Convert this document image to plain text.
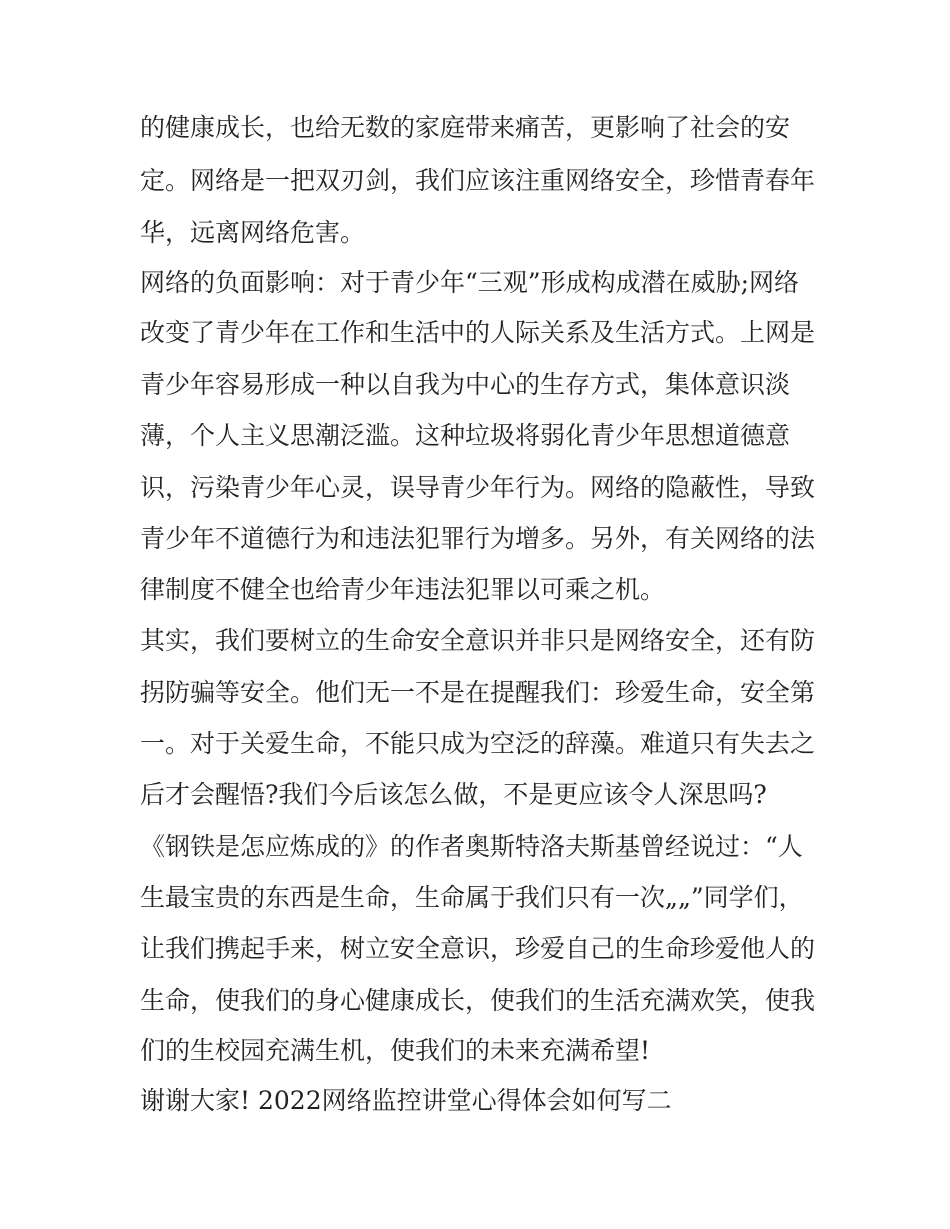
的健康成长，也给无数的家庭带来痛苦，更影响了社会的安

定。网络是一把双刃剑，我们应该注重网络安全，珍惜青春年

华，远离网络危害。

网络的负面影响：对于青少年“三观”形成构成潜在威胁;网络

改变了青少年在工作和生活中的人际关系及生活方式。上网是

青少年容易形成一种以自我为中心的生存方式，集体意识淡

薄，个人主义思潮泛滥。这种垃圾将弱化青少年思想道德意

识，污染青少年心灵，误导青少年行为。网络的隐蔽性，导致

青少年不道德行为和违法犯罪行为增多。另外，有关网络的法

律制度不健全也给青少年违法犯罪以可乘之机。

其实，我们要树立的生命安全意识并非只是网络安全，还有防

拐防骗等安全。他们无一不是在提醒我们：珍爱生命，安全第

一。对于关爱生命，不能只成为空泛的辞藻。难道只有失去之

后才会醒悟?我们今后该怎么做，不是更应该令人深思吗?

《钢铁是怎应炼成的》的作者奥斯特洛夫斯基曾经说过：“人

生最宝贵的东西是生命，生命属于我们只有一次„„”同学们，

让我们携起手来，树立安全意识，珍爱自己的生命珍爱他人的

生命，使我们的身心健康成长，使我们的生活充满欢笑，使我

们的生校园充满生机，使我们的未来充满希望!

谢谢大家! 2022网络监控讲堂心得体会如何写二
